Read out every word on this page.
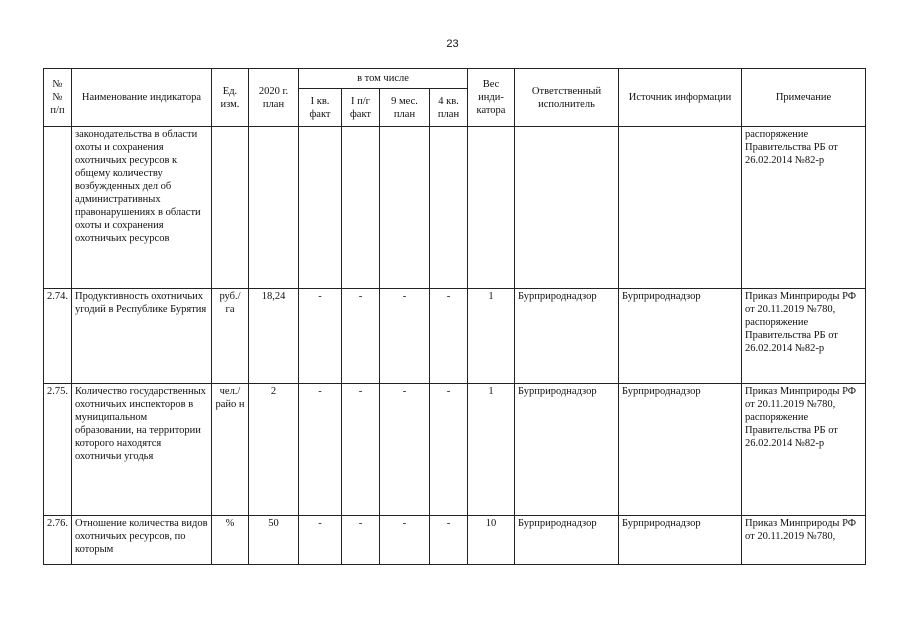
23
№
№
п/п	Наименование индикатора	Ед. изм.	2020 г. план	в том числе				Вес инди-катора	Ответственный исполнитель	Источник информации	Примечание
				I кв. факт	I п/г факт	9 мес. план	4 кв. план				
	законодательства в области охоты и сохранения охотничьих ресурсов к общему количеству возбужденных дел об административных правонарушениях в области охоты и сохранения охотничьих ресурсов										распоряжение Правительства РБ от 26.02.2014 №82-р
2.74.	Продуктивность охотничьих угодий в Республике Бурятия	руб./ га	18,24	-	-	-	-	1	Бурприроднадзор	Бурприроднадзор	Приказ Минприроды РФ от 20.11.2019 №780, распоряжение Правительства РБ от 26.02.2014 №82-р
2.75.	Количество государственных охотничьих инспекторов в муниципальном образовании, на территории которого находятся охотничьи угодья	чел./ райо н	2	-	-	-	-	1	Бурприроднадзор	Бурприроднадзор	Приказ Минприроды РФ от 20.11.2019 №780, распоряжение Правительства РБ от 26.02.2014 №82-р
2.76.	Отношение количества видов охотничьих ресурсов, по которым	%	50	-	-	-	-	10	Бурприроднадзор	Бурприроднадзор	Приказ Минприроды РФ от 20.11.2019 №780,
